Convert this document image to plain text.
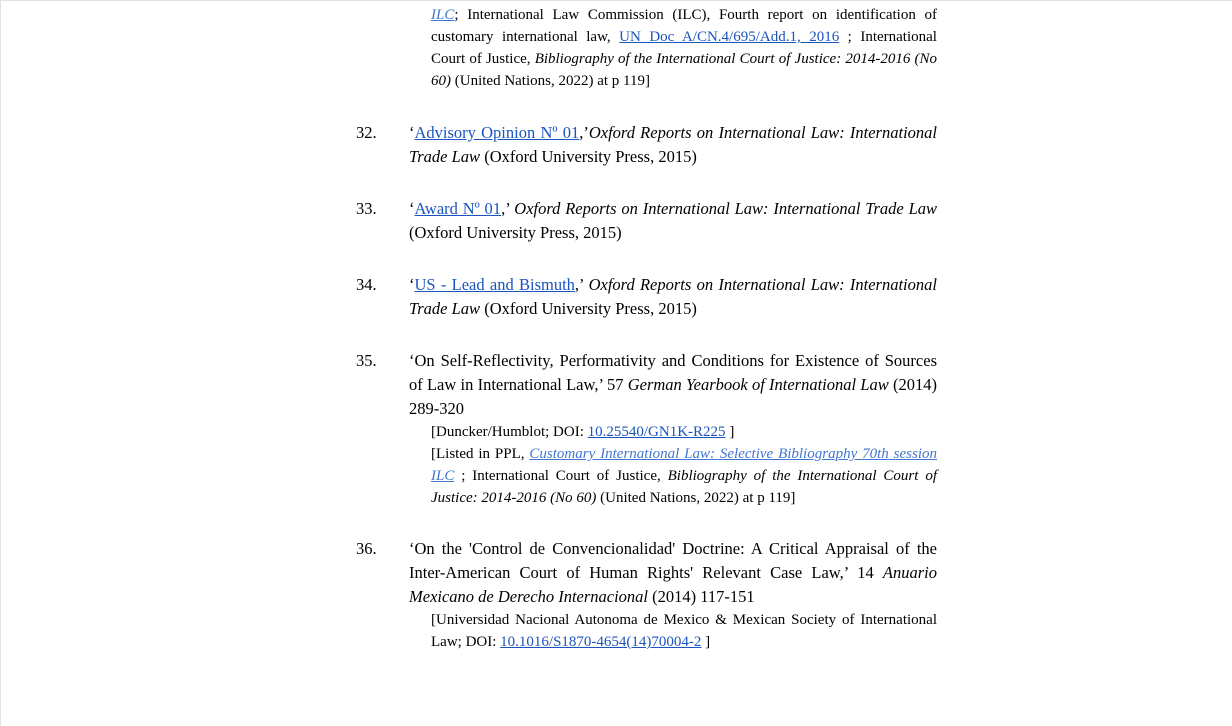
ILC; International Law Commission (ILC), Fourth report on identification of customary international law, UN Doc A/CN.4/695/Add.1, 2016 ; International Court of Justice, Bibliography of the International Court of Justice: 2014-2016 (No 60) (United Nations, 2022) at p 119]
32. ‘Advisory Opinion Nº 01,’Oxford Reports on International Law: International Trade Law (Oxford University Press, 2015)
33. ‘Award Nº 01,’ Oxford Reports on International Law: International Trade Law (Oxford University Press, 2015)
34. ‘US - Lead and Bismuth,’ Oxford Reports on International Law: International Trade Law (Oxford University Press, 2015)
35. ‘On Self-Reflectivity, Performativity and Conditions for Existence of Sources of Law in International Law,’ 57 German Yearbook of International Law (2014) 289-320
[Duncker/Humblot; DOI: 10.25540/GN1K-R225 ]
[Listed in PPL, Customary International Law: Selective Bibliography 70th session ILC ; International Court of Justice, Bibliography of the International Court of Justice: 2014-2016 (No 60) (United Nations, 2022) at p 119]
36. ‘On the 'Control de Convencionalidad' Doctrine: A Critical Appraisal of the Inter-American Court of Human Rights' Relevant Case Law,’ 14 Anuario Mexicano de Derecho Internacional (2014) 117-151
[Universidad Nacional Autonoma de Mexico & Mexican Society of International Law; DOI: 10.1016/S1870-4654(14)70004-2 ]
